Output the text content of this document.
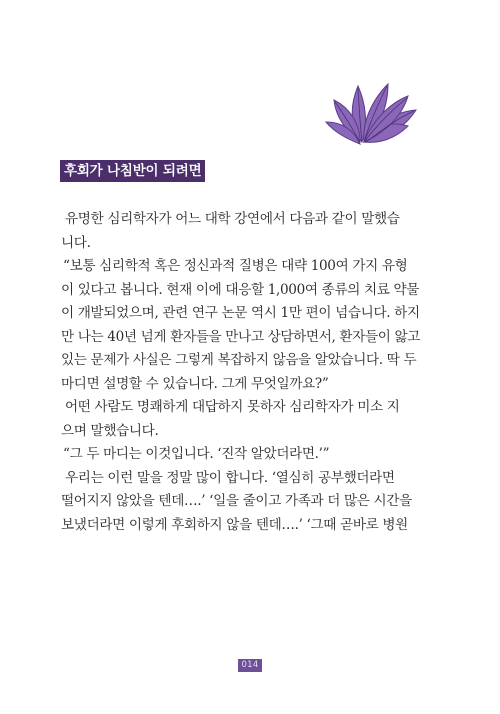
후회가 나침반이 되려면
유명한 심리학자가 어느 대학 강연에서 다음과 같이 말했습
니다.
“보통 심리학적 혹은 정신과적 질병은 대략 100여 가지 유형
이 있다고 봅니다. 현재 이에 대응할 1,000여 종류의 치료 약물
이 개발되었으며, 관련 연구 논문 역시 1만 편이 넘습니다. 하지
만 나는 40년 넘게 환자들을 만나고 상담하면서, 환자들이 앓고
있는 문제가 사실은 그렇게 복잡하지 않음을 알았습니다. 딱 두
마디면 설명할 수 있습니다. 그게 무엇일까요?”
어떤 사람도 명쾌하게 대답하지 못하자 심리학자가 미소 지
으며 말했습니다.
“그 두 마디는 이것입니다. ‘진작 알았더라면.’”
우리는 이런 말을 정말 많이 합니다. ‘열심히 공부했더라면
떨어지지 않았을 텐데….’ ‘일을 줄이고 가족과 더 많은 시간을
보냈더라면 이렇게 후회하지 않을 텐데….’ ‘그때 곧바로 병원
014
